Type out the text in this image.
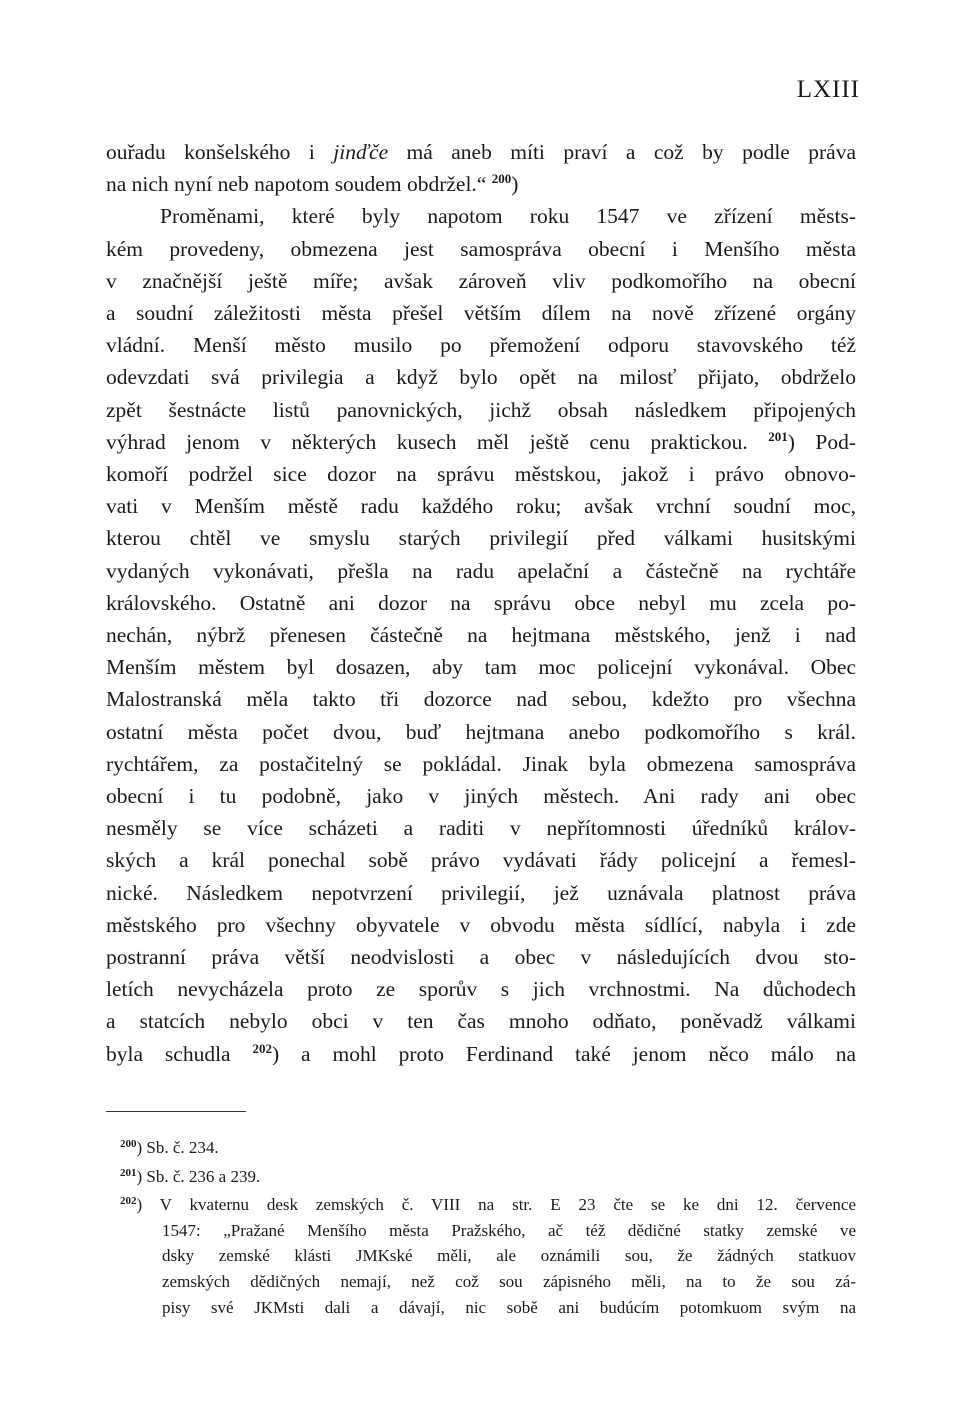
LXIII
ouřadu konšelského i jinďče má aneb míti praví a což by podle práva
na nich nyní neb napotom soudem obdržel.“ $^{200}$)
Proměnami, které byly napotom roku 1547 ve zřízení městs-
kém provedeny, obmezena jest samospráva obecní i Menšího města
v značnější ještě míře; avšak zároveň vliv podkomořího na obecní
a soudní záležitosti města přešel větším dílem na nově zřízené orgány
vládní. Menší město musilo po přemožení odporu stavovského též
odevzdati svá privilegia a když bylo opět na milosť přijato, obdrželo
zpět šestnácte listů panovnických, jichž obsah následkem připojených
výhrad jenom v některých kusech měl ještě cenu praktickou. $^{201}$) Pod-
komoří podržel sice dozor na správu městskou, jakož i právo obnovo-
vati v Menším městě radu každého roku; avšak vrchní soudní moc,
kterou chtěl ve smyslu starých privilegií před válkami husitskými
vydaných vykonávati, přešla na radu apelační a částečně na rychtáře
královského. Ostatně ani dozor na správu obce nebyl mu zcela po-
nechán, nýbrž přenesen částečně na hejtmana městského, jenž i nad
Menším městem byl dosazen, aby tam moc policejní vykonával. Obec
Malostranská měla takto tři dozorce nad sebou, kdežto pro všechna
ostatní města počet dvou, buď hejtmana anebo podkomořího s král.
rychtářem, za postačitelný se pokládal. Jinak byla obmezena samospráva
obecní i tu podobně, jako v jiných městech. Ani rady ani obec
nesměly se více scházeti a raditi v nepřítomnosti úředníků králov-
ských a král ponechal sobě právo vydávati řády policejní a řemesl-
nické. Následkem nepotvrzení privilegií, jež uznávala platnost práva
městského pro všechny obyvatele v obvodu města sídlící, nabyla i zde
postranní práva větší neodvislosti a obec v následujících dvou sto-
letích nevycházela proto ze sporův s jich vrchnostmi. Na důchodech
a statcích nebylo obci v ten čas mnoho odňato, poněvadž válkami
byla schudla $^{202}$) a mohl proto Ferdinand také jenom něco málo na
$^{200}$) Sb. č. 234.
$^{201}$) Sb. č. 236 a 239.
$^{202}$) V kvaternu desk zemských č. VIII na str. E 23 čte se ke dni 12. července
1547: „Pražané Menšího města Pražského, ač též dědičné statky zemské ve
dsky zemské klásti JMKské měli, ale oznámili sou, že žádných statkuov
zemských dědičných nemají, než což sou zápisného měli, na to že sou zá-
pisy své JKMsti dali a dávají, nic sobě ani budúcím potomkuom svým na
